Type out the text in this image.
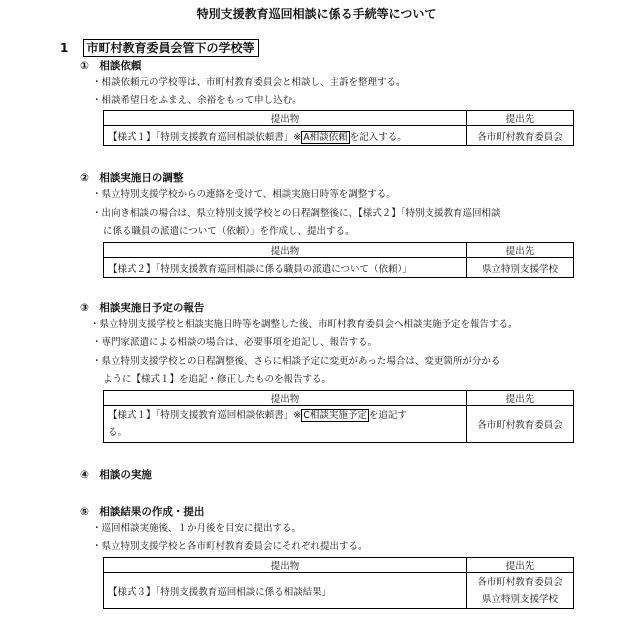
特別支援教育巡回相談に係る手続等について
1 市町村教育委員会管下の学校等
①　相談依頼
・相談依頼元の学校等は、市町村教育委員会と相談し、主訴を整理する。
・相談希望日をふまえ、余裕をもって申し込む。
提出物	提出先
【様式１】「特別支援教育巡回相談依頼書」※ A相談依頼 を記入する。	各市町村教育委員会
②　相談実施日の調整
・県立特別支援学校からの連絡を受けて、相談実施日時等を調整する。
・出向き相談の場合は、県立特別支援学校との日程調整後に、【様式２】「特別支援教育巡回相談
に係る職員の派遣について（依頼）」を作成し、提出する。
提出物	提出先
【様式２】「特別支援教育巡回相談に係る職員の派遣について（依頼）」	県立特別支援学校
③　相談実施日予定の報告
・県立特別支援学校と相談実施日時等を調整した後、市町村教育委員会へ相談実施予定を報告する。
・専門家派遣による相談の場合は、必要事項を追記し、報告する。
・県立特別支援学校との日程調整後、さらに相談予定に変更があった場合は、変更箇所が分かる
ように【様式１】を追記・修正したものを報告する。
提出物	提出先
【様式１】「特別支援教育巡回相談依頼書」※ C相談実施予定 を追記す
る。	各市町村教育委員会
④　相談の実施
⑤　相談結果の作成・提出
・巡回相談実施後、１か月後を目安に提出する。
・県立特別支援学校と各市町村教育委員会にそれぞれ提出する。
提出物	提出先
【様式３】「特別支援教育巡回相談に係る相談結果」	各市町村教育委員会
県立特別支援学校
